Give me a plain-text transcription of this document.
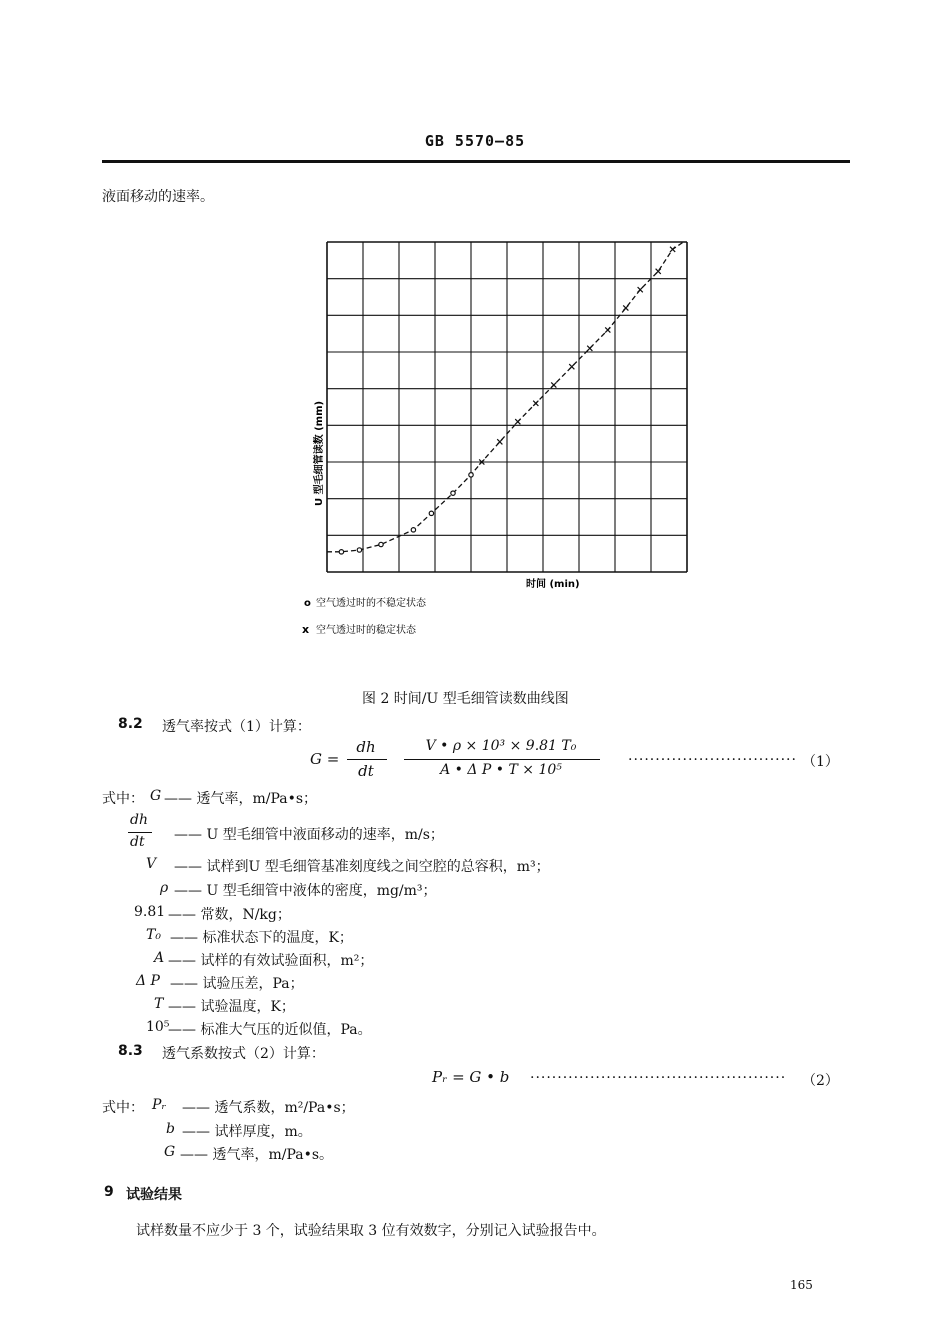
GB 5570—85
液面移动的速率。
U 型毛细管读数 (mm)
时间 (min)
o 空气透过时的不稳定状态
x 空气透过时的稳定状态
图 2 时间/U 型毛细管读数曲线图
8.2 透气率按式（1）计算：
G =
dh
dt
V • ρ × 10³ × 9.81 T₀
A • Δ P • T × 10⁵
............................... （1）
式中： G —— 透气率，m/Pa•s；
dh
dt —— U 型毛细管中液面移动的速率，m/s；
V —— 试样到U 型毛细管基准刻度线之间空腔的总容积，m³；
ρ —— U 型毛细管中液体的密度，mg/m³；
9.81 —— 常数，N/kg；
T₀ —— 标准状态下的温度，K；
A —— 试样的有效试验面积，m²；
Δ P —— 试验压差，Pa；
T —— 试验温度，K；
10⁵
—— 标准大气压的近似值，Pa。
8.3 透气系数按式（2）计算：
Pᵣ = G • b ............................................... （2）
式中： Pᵣ —— 透气系数，m²/Pa•s；
b —— 试样厚度，m。
G —— 透气率，m/Pa•s。
9 试验结果
试样数量不应少于 3 个，试验结果取 3 位有效数字，分别记入试验报告中。
165
